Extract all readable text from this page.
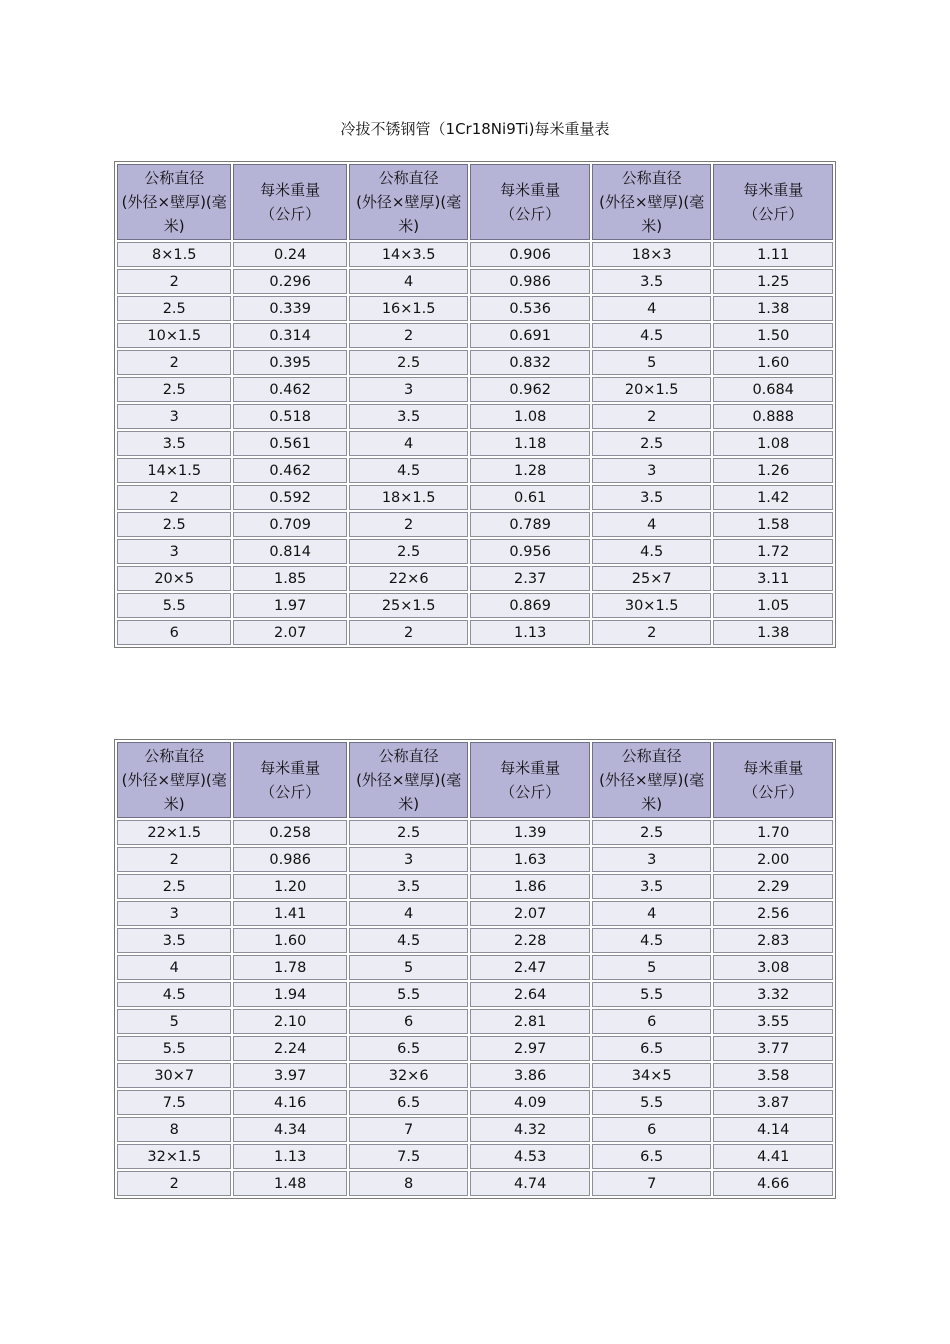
冷拔不锈钢管（1Cr18Ni9Ti)每米重量表
公称直径
(外径×壁厚)(毫
米)	每米重量
（公斤）	公称直径
(外径×壁厚)(毫
米)	每米重量
（公斤）	公称直径
(外径×壁厚)(毫
米)	每米重量
（公斤）

8×1.5	0.24	14×3.5	0.906	18×3	1.11
2	0.296	4	0.986	3.5	1.25
2.5	0.339	16×1.5	0.536	4	1.38
10×1.5	0.314	2	0.691	4.5	1.50
2	0.395	2.5	0.832	5	1.60
2.5	0.462	3	0.962	20×1.5	0.684
3	0.518	3.5	1.08	2	0.888
3.5	0.561	4	1.18	2.5	1.08
14×1.5	0.462	4.5	1.28	3	1.26
2	0.592	18×1.5	0.61	3.5	1.42
2.5	0.709	2	0.789	4	1.58
3	0.814	2.5	0.956	4.5	1.72
20×5	1.85	22×6	2.37	25×7	3.11
5.5	1.97	25×1.5	0.869	30×1.5	1.05
6	2.07	2	1.13	2	1.38
公称直径
(外径×壁厚)(毫
米)	每米重量
（公斤）	公称直径
(外径×壁厚)(毫
米)	每米重量
（公斤）	公称直径
(外径×壁厚)(毫
米)	每米重量
（公斤）

22×1.5	0.258	2.5	1.39	2.5	1.70
2	0.986	3	1.63	3	2.00
2.5	1.20	3.5	1.86	3.5	2.29
3	1.41	4	2.07	4	2.56
3.5	1.60	4.5	2.28	4.5	2.83
4	1.78	5	2.47	5	3.08
4.5	1.94	5.5	2.64	5.5	3.32
5	2.10	6	2.81	6	3.55
5.5	2.24	6.5	2.97	6.5	3.77
30×7	3.97	32×6	3.86	34×5	3.58
7.5	4.16	6.5	4.09	5.5	3.87
8	4.34	7	4.32	6	4.14
32×1.5	1.13	7.5	4.53	6.5	4.41
2	1.48	8	4.74	7	4.66
